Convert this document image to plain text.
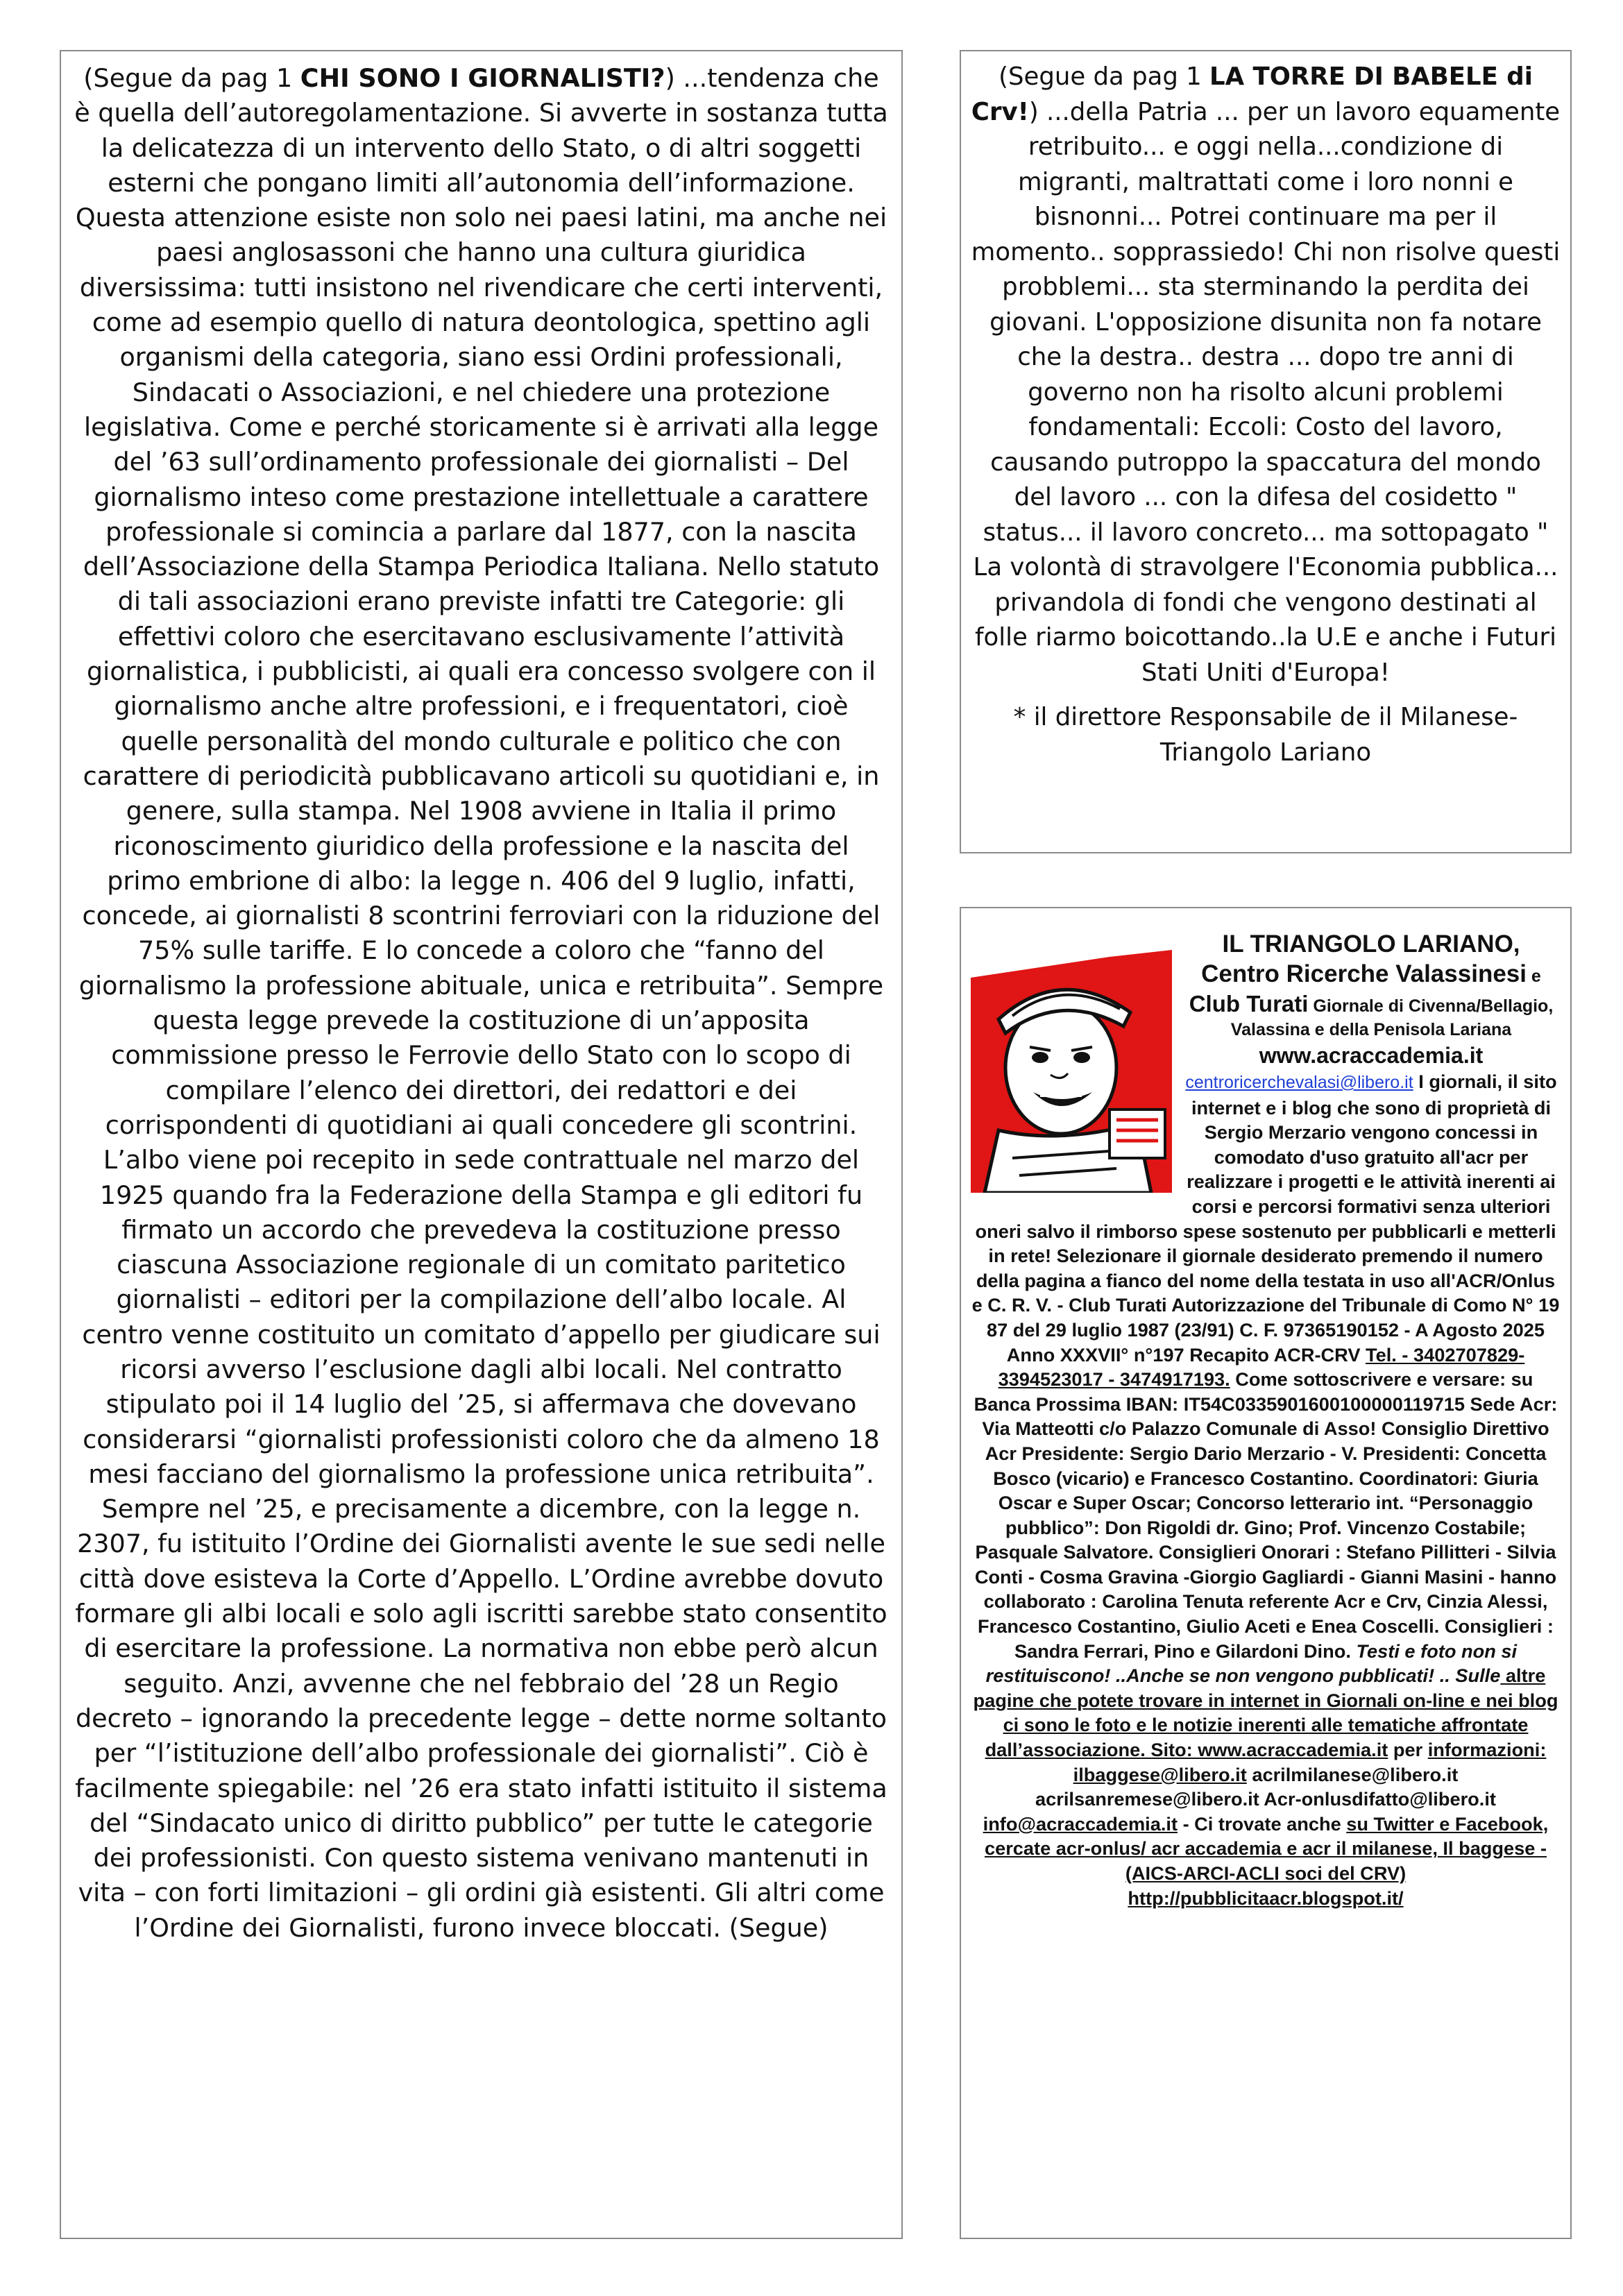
(Segue da pag 1 CHI SONO I GIORNALISTI?) ...tendenza che è quella dell’autoregolamentazione. Si avverte in sostanza tutta la delicatezza di un intervento dello Stato, o di altri soggetti esterni che pongano limiti all’autonomia dell’informazione. Questa attenzione esiste non solo nei paesi latini, ma anche nei paesi anglosassoni che hanno una cultura giuridica diversissima: tutti insistono nel rivendicare che certi interventi, come ad esempio quello di natura deontologica, spettino agli organismi della categoria, siano essi Ordini professionali, Sindacati o Associazioni, e nel chiedere una protezione legislativa. Come e perché storicamente si è arrivati alla legge del ’63 sull’ordinamento professionale dei giornalisti – Del giornalismo inteso come prestazione intellettuale a carattere professionale si comincia a parlare dal 1877, con la nascita dell’Associazione della Stampa Periodica Italiana. Nello statuto di tali associazioni erano previste infatti tre Categorie: gli effettivi coloro che esercitavano esclusivamente l’attività giornalistica, i pubblicisti, ai quali era concesso svolgere con il giornalismo anche altre professioni, e i frequentatori, cioè quelle personalità del mondo culturale e politico che con carattere di periodicità pubblicavano articoli su quotidiani e, in genere, sulla stampa. Nel 1908 avviene in Italia il primo riconoscimento giuridico della professione e la nascita del primo embrione di albo: la legge n. 406 del 9 luglio, infatti, concede, ai giornalisti 8 scontrini ferroviari con la riduzione del 75% sulle tariffe. E lo concede a coloro che “fanno del giornalismo la professione abituale, unica e retribuita”. Sempre questa legge prevede la costituzione di un’apposita commissione presso le Ferrovie dello Stato con lo scopo di compilare l’elenco dei direttori, dei redattori e dei corrispondenti di quotidiani ai quali concedere gli scontrini. L’albo viene poi recepito in sede contrattuale nel marzo del 1925 quando fra la Federazione della Stampa e gli editori fu firmato un accordo che prevedeva la costituzione presso ciascuna Associazione regionale di un comitato paritetico giornalisti – editori per la compilazione dell’albo locale. Al centro venne costituito un comitato d’appello per giudicare sui ricorsi avverso l’esclusione dagli albi locali. Nel contratto stipulato poi il 14 luglio del ’25, si affermava che dovevano considerarsi “giornalisti professionisti coloro che da almeno 18 mesi facciano del giornalismo la professione unica retribuita”. Sempre nel ’25, e precisamente a dicembre, con la legge n. 2307, fu istituito l’Ordine dei Giornalisti avente le sue sedi nelle città dove esisteva la Corte d’Appello. L’Ordine avrebbe dovuto formare gli albi locali e solo agli iscritti sarebbe stato consentito di esercitare la professione. La normativa non ebbe però alcun seguito. Anzi, avvenne che nel febbraio del ’28 un Regio decreto – ignorando la precedente legge – dette norme soltanto per “l’istituzione dell’albo professionale dei giornalisti”. Ciò è facilmente spiegabile: nel ’26 era stato infatti istituito il sistema del “Sindacato unico di diritto pubblico” per tutte le categorie dei professionisti. Con questo sistema venivano mantenuti in vita – con forti limitazioni – gli ordini già esistenti. Gli altri come l’Ordine dei Giornalisti, furono invece bloccati. (Segue)

(Segue da pag 1 LA TORRE DI BABELE di Crv!) ...della Patria ... per un lavoro equamente retribuito... e oggi nella...condizione di migranti, maltrattati come i loro nonni e bisnonni... Potrei continuare ma per il momento.. sopprassiedo! Chi non risolve questi probblemi... sta sterminando la perdita dei giovani. L'opposizione disunita non fa notare che la destra.. destra ... dopo tre anni di governo non ha risolto alcuni problemi fondamentali: Eccoli: Costo del lavoro, causando putroppo la spaccatura del mondo del lavoro ... con la difesa del cosidetto " status... il lavoro concreto... ma sottopagato " La volontà di stravolgere l'Economia pubblica... privandola di fondi che vengono destinati al folle riarmo boicottando..la U.E e anche i Futuri Stati Uniti d'Europa!

* il direttore Responsabile de il Milanese-Triangolo Lariano

IL TRIANGOLO LARIANO, Centro Ricerche Valassinesi e
Club Turati Giornale di Civenna/Bellagio, Valassina e della Penisola Lariana
www.acraccademia.it

centroricerchevalasi@libero.it I giornali, il sito internet e i blog che sono di proprietà di Sergio Merzario vengono concessi in comodato d'uso gratuito all'acr per realizzare i progetti e le attività inerenti ai corsi e percorsi formativi senza ulteriori oneri salvo il rimborso spese sostenuto per pubblicarli e metterli in rete! Selezionare il giornale desiderato premendo il numero della pagina a fianco del nome della testata in uso all'ACR/Onlus e C. R. V. - Club Turati Autorizzazione del Tribunale di Como N° 19 87 del 29 luglio 1987 (23/91) C. F. 97365190152 - A Agosto 2025 Anno XXXVII° n°197 Recapito ACR-CRV Tel. - 3402707829-3394523017 - 3474917193. Come sottoscrivere e versare: su Banca Prossima IBAN: IT54C0335901600100000119715 Sede Acr: Via Matteotti c/o Palazzo Comunale di Asso! Consiglio Direttivo Acr Presidente: Sergio Dario Merzario - V. Presidenti: Concetta Bosco (vicario) e Francesco Costantino. Coordinatori: Giuria Oscar e Super Oscar; Concorso letterario int. “Personaggio pubblico”: Don Rigoldi dr. Gino; Prof. Vincenzo Costabile; Pasquale Salvatore. Consiglieri Onorari : Stefano Pillitteri - Silvia Conti - Cosma Gravina -Giorgio Gagliardi - Gianni Masini - hanno collaborato : Carolina Tenuta referente Acr e Crv, Cinzia Alessi, Francesco Costantino, Giulio Aceti e Enea Coscelli. Consiglieri : Sandra Ferrari, Pino e Gilardoni Dino. Testi e foto non si restituiscono! ..Anche se non vengono pubblicati! .. Sulle altre pagine che potete trovare in internet in Giornali on-line e nei blog ci sono le foto e le notizie inerenti alle tematiche affrontate dall’associazione. Sito: www.acraccademia.it per informazioni: ilbaggese@libero.it acrilmilanese@libero.it acrilsanremese@libero.it Acr-onlusdifatto@libero.it info@acraccademia.it - Ci trovate anche su Twitter e Facebook, cercate acr-onlus/ acr accademia e acr il milanese, Il baggese - (AICS-ARCI-ACLI soci del CRV)
http://pubblicitaacr.blogspot.it/
